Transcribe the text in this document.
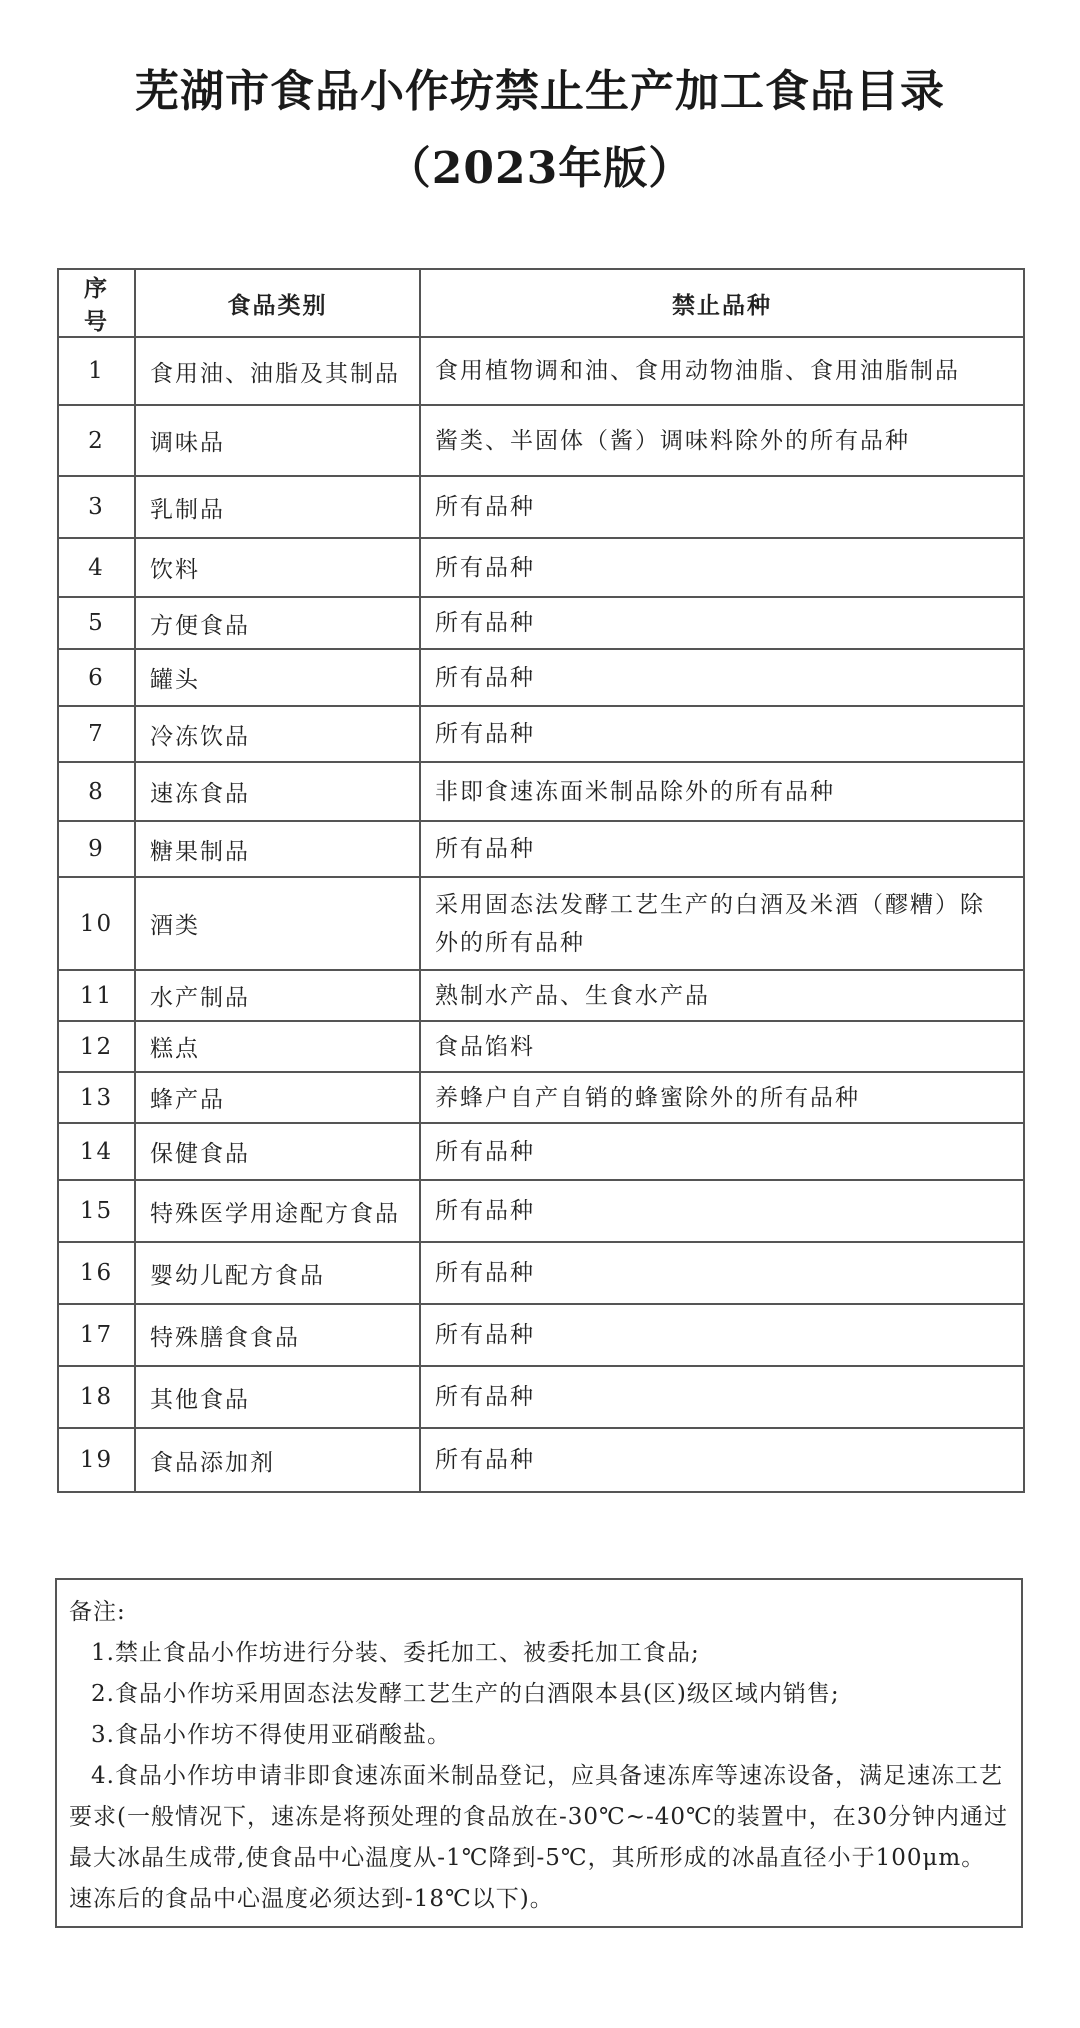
芜湖市食品小作坊禁止生产加工食品目录
（2023年版）
序号	食品类别	禁止品种
1	食用油、油脂及其制品	食用植物调和油、食用动物油脂、食用油脂制品
2	调味品	酱类、半固体（酱）调味料除外的所有品种
3	乳制品	所有品种
4	饮料	所有品种
5	方便食品	所有品种
6	罐头	所有品种
7	冷冻饮品	所有品种
8	速冻食品	非即食速冻面米制品除外的所有品种
9	糖果制品	所有品种
10	酒类	采用固态法发酵工艺生产的白酒及米酒（醪糟）除外的所有品种
11	水产制品	熟制水产品、生食水产品
12	糕点	食品馅料
13	蜂产品	养蜂户自产自销的蜂蜜除外的所有品种
14	保健食品	所有品种
15	特殊医学用途配方食品	所有品种
16	婴幼儿配方食品	所有品种
17	特殊膳食食品	所有品种
18	其他食品	所有品种
19	食品添加剂	所有品种

备注:

1.禁止食品小作坊进行分装、委托加工、被委托加工食品;

2.食品小作坊采用固态法发酵工艺生产的白酒限本县(区)级区域内销售;

3.食品小作坊不得使用亚硝酸盐。

4.食品小作坊申请非即食速冻面米制品登记，应具备速冻库等速冻设备，满足速冻工艺要求(一般情况下，速冻是将预处理的食品放在-30℃~-40℃的装置中，在30分钟内通过最大冰晶生成带,使食品中心温度从-1℃降到-5℃，其所形成的冰晶直径小于100μm。速冻后的食品中心温度必须达到-18℃以下)。
